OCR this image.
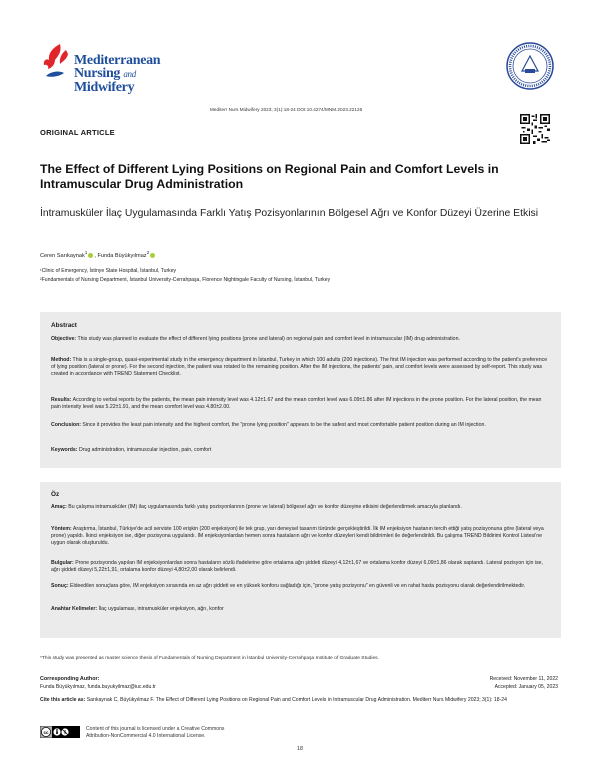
Mediterranean
Nursing and
Midwifery
Mediterr Nurs Midwifery 2023; 3(1):18-24 DOI:10.4274/MNM.2023.22126
ORIGINAL ARTICLE
The Effect of Different Lying Positions on Regional Pain and Comfort Levels in Intramuscular Drug Administration
İntramusküler İlaç Uygulamasında Farklı Yatış Pozisyonlarının Bölgesel Ağrı ve Konfor Düzeyi Üzerine Etkisi
Ceren Sarıkaynak$^1$, Funda Büyükyılmaz$^2$
¹Clinic of Emergency, İstinye State Hospital, İstanbul, Turkey
²Fundamentals of Nursing Department, İstanbul University-Cerrahpaşa, Florence Nightingale Faculty of Nursing, İstanbul, Turkey
Abstract
Objective: This study was planned to evaluate the effect of different lying positions (prone and lateral) on regional pain and comfort level in intramuscular (IM) drug administration.
Method: This is a single-group, quasi-experimental study in the emergency department in İstanbul, Turkey in which 100 adults (200 injections). The first IM injection was performed according to the patient's preference of lying position (lateral or prone). For the second injection, the patient was rotated to the remaining position. After the IM injections, the patients' pain, and comfort levels were assessed by self-report. This study was created in accordance with TREND Statement Checklist.
Results: According to verbal reports by the patients, the mean pain intensity level was 4.12±1.67 and the mean comfort level was 6.09±1.86 after IM injections in the prone position. For the lateral position, the mean pain intensity level was 5.22±1.91, and the mean comfort level was 4.80±2.00.
Conclusion: Since it provides the least pain intensity and the highest comfort, the "prone lying position" appears to be the safest and most comfortable patient position during an IM injection.
Keywords: Drug administration, intramuscular injection, pain, comfort
Öz
Amaç: Bu çalışma intramusküler (IM) ilaç uygulamasında farklı yatış pozisyonlarının (prone ve lateral) bölgesel ağrı ve konfor düzeyine etkisini değerlendirmek amacıyla planlandı.
Yöntem: Araştırma, İstanbul, Türkiye'de acil serviste 100 erişkin (200 enjeksiyon) ile tek grup, yarı deneysel tasarım türünde gerçekleştirildi. İlk IM enjeksiyon hastanın tercih ettiği yatış pozisyonuna göre (lateral veya prone) yapıldı. İkinci enjeksiyon ise, diğer pozisyona uygulandı. IM enjeksiyonlardan hemen sonra hastaların ağrı ve konfor düzeyleri kendi bildirimleri ile değerlendirildi. Bu çalışma TREND Bildirimi Kontrol Listesi'ne uygun olarak oluşturuldu.
Bulgular: Prone pozisyonda yapılan IM enjeksiyonlardan sonra hastaların sözlü ifadelerine göre ortalama ağrı şiddeti düzeyi 4,12±1,67 ve ortalama konfor düzeyi 6,09±1,86 olarak saptandı. Lateral pozisyon için ise, ağrı şiddeti düzeyi 5,22±1,91, ortalama konfor düzeyi 4,80±2,00 olarak belirlendi.
Sonuç: Eldeedilen sonuçlara göre, IM enjeksiyon sırasında en az ağrı şiddeti ve en yüksek konforu sağladığı için, "prone yatış pozisyonu" en güvenli ve en rahat hasta pozisyonu olarak değerlendirilmektedir.
Anahtar Kelimeler: İlaç uygulaması, intramusküler enjeksiyon, ağrı, konfor
*This study was presented as master science thesis of Fundamentals of Nursing Department in İstanbul University-Cerrahpaşa Institute of Graduate Studies.
Corresponding Author:
Funda Büyükyılmaz, funda.buyukyilmaz@iuc.edu.tr
Received: November 11, 2022
Accepted: January 05, 2023
Cite this article as: Sarıkaynak C, Büyükyılmaz F. The Effect of Different Lying Positions on Regional Pain and Comfort Levels in Intramuscular Drug Administration. Mediterr Nurs Midwifery 2023; 3(1): 18-24
cc
Content of this journal is licensed under a Creative Commons
Attribution-NonCommercial 4.0 International License.
18
